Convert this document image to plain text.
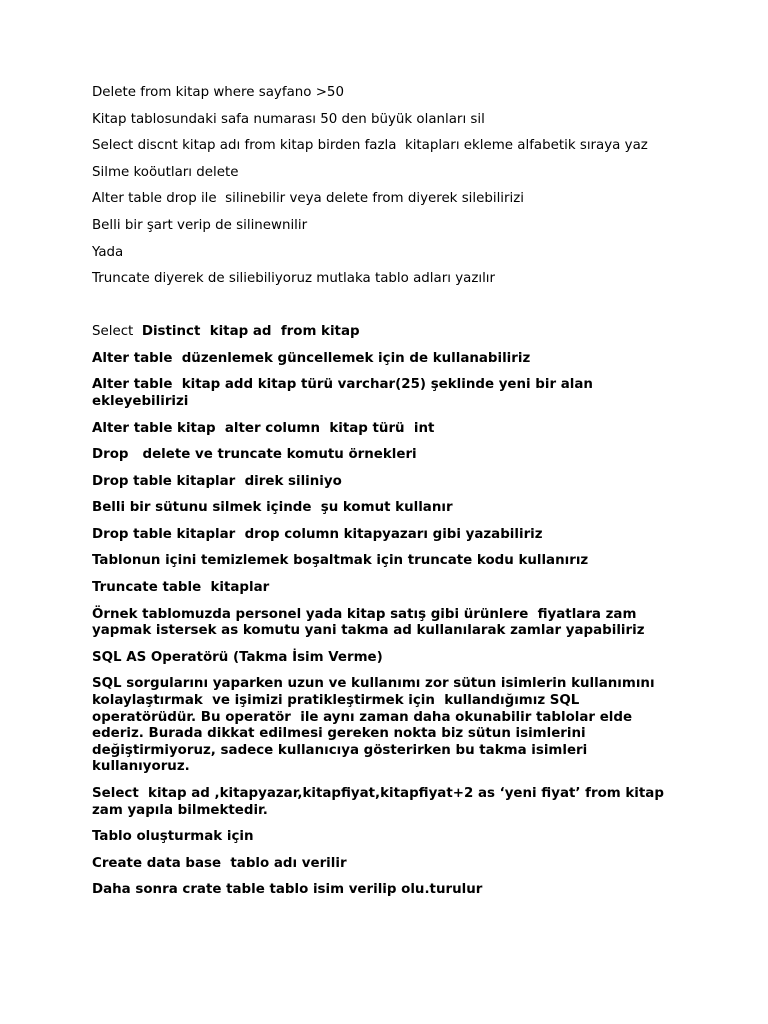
Delete from kitap where sayfano >50

Kitap tablosundaki safa numarası 50 den büyük olanları sil

Select discnt kitap adı from kitap birden fazla  kitapları ekleme alfabetik sıraya yaz

Silme koöutları delete

Alter table drop ile  silinebilir veya delete from diyerek silebilirizi

Belli bir şart verip de silinewnilir

Yada

Truncate diyerek de siliebiliyoruz mutlaka tablo adları yazılır

Select  Distinct  kitap ad  from kitap

Alter table  düzenlemek güncellemek için de kullanabiliriz

Alter table  kitap add kitap türü varchar(25) şeklinde yeni bir alan ekleyebilirizi

Alter table kitap  alter column  kitap türü  int

Drop   delete ve truncate komutu örnekleri

Drop table kitaplar  direk siliniyo

Belli bir sütunu silmek içinde  şu komut kullanır

Drop table kitaplar  drop column kitapyazarı gibi yazabiliriz

Tablonun içini temizlemek boşaltmak için truncate kodu kullanırız

Truncate table  kitaplar

Örnek tablomuzda personel yada kitap satış gibi ürünlere  fiyatlara zam yapmak istersek as komutu yani takma ad kullanılarak zamlar yapabiliriz

SQL AS Operatörü (Takma İsim Verme)

SQL sorgularını yaparken uzun ve kullanımı zor sütun isimlerin kullanımını kolaylaştırmak  ve işimizi pratikleştirmek için  kullandığımız SQL operatörüdür. Bu operatör  ile aynı zaman daha okunabilir tablolar elde ederiz. Burada dikkat edilmesi gereken nokta biz sütun isimlerini değiştirmiyoruz, sadece kullanıcıya gösterirken bu takma isimleri kullanıyoruz.

Select  kitap ad ,kitapyazar,kitapfiyat,kitapfiyat+2 as ‘yeni fiyat’ from kitap zam yapıla bilmektedir.

Tablo oluşturmak için

Create data base  tablo adı verilir

Daha sonra crate table tablo isim verilip olu.turulur
